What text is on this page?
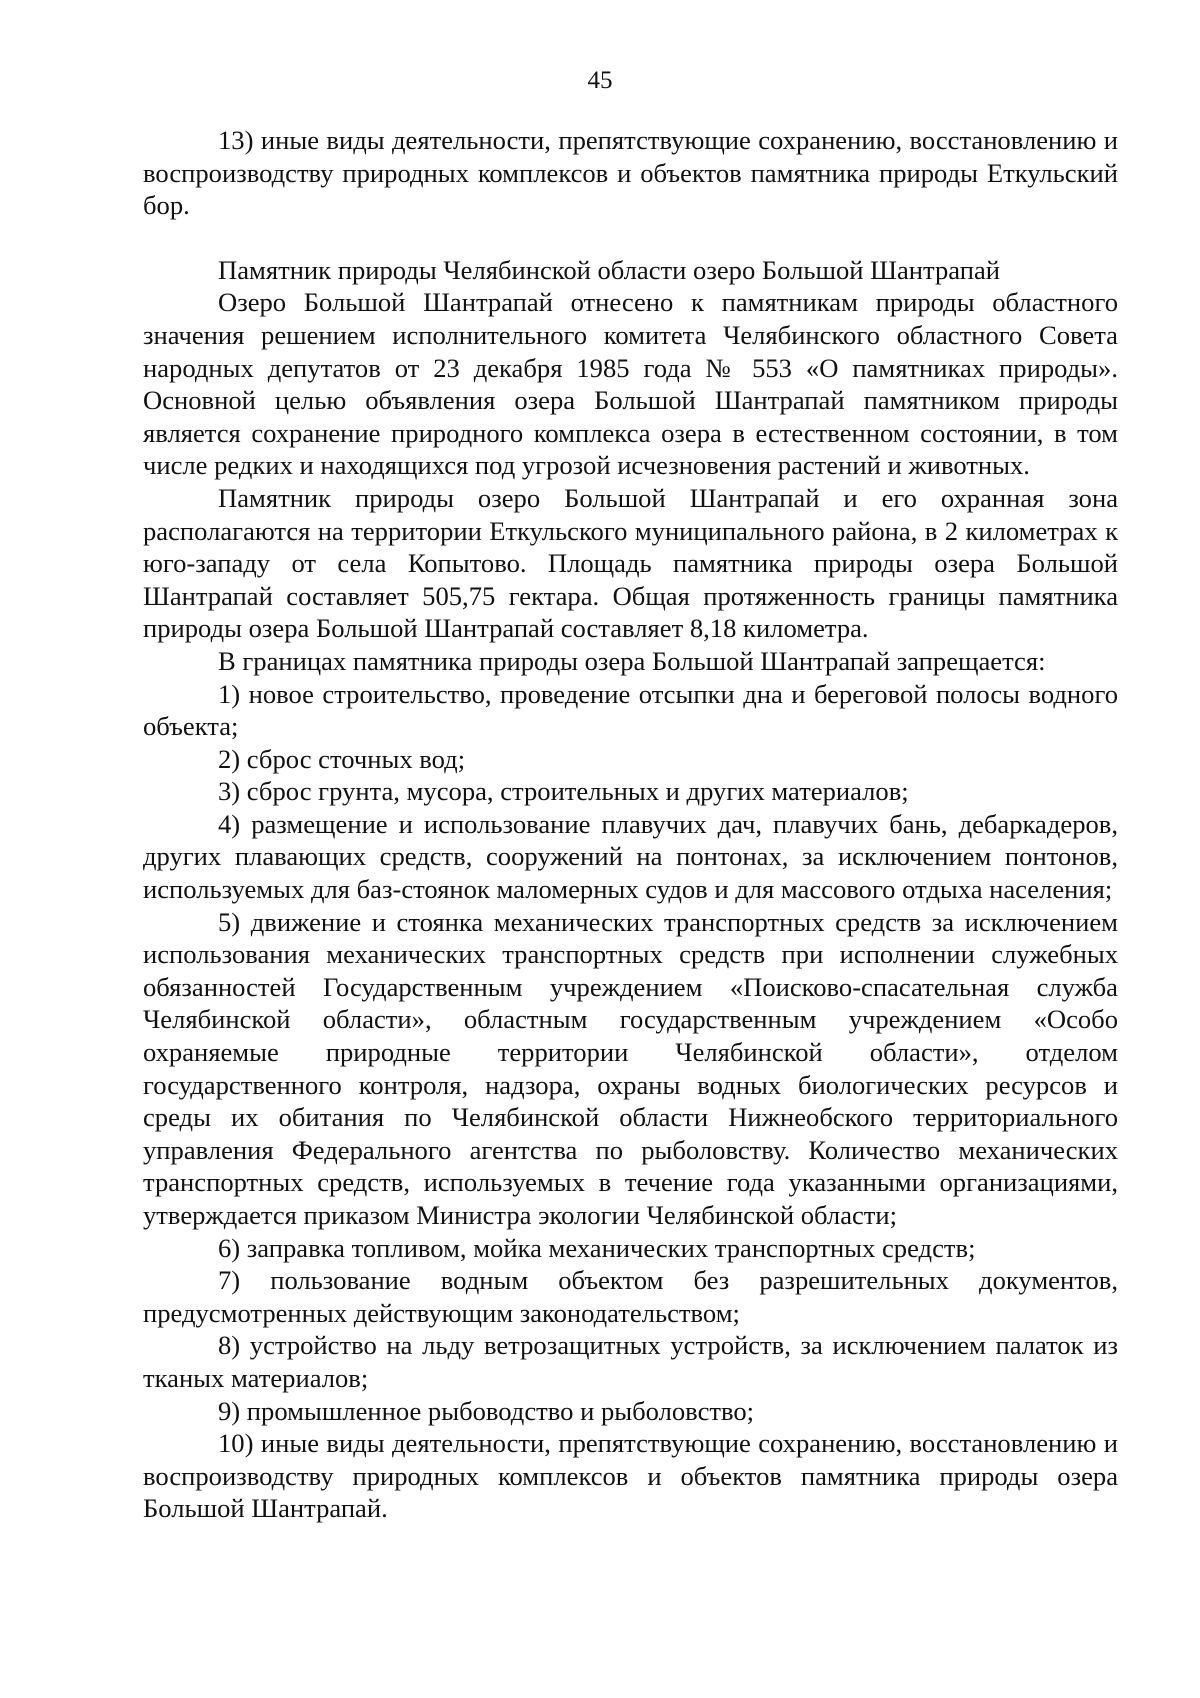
45

13) иные виды деятельности, препятствующие сохранению, восстановлению и воспроизводству природных комплексов и объектов памятника природы Еткульский бор.

Памятник природы Челябинской области озеро Большой Шантрапай

Озеро Большой Шантрапай отнесено к памятникам природы областного значения решением исполнительного комитета Челябинского областного Совета народных депутатов от 23 декабря 1985 года № 553 «О памятниках природы». Основной целью объявления озера Большой Шантрапай памятником природы является сохранение природного комплекса озера в естественном состоянии, в том числе редких и находящихся под угрозой исчезновения растений и животных.

Памятник природы озеро Большой Шантрапай и его охранная зона располагаются на территории Еткульского муниципального района, в 2 километрах к юго-западу от села Копытово. Площадь памятника природы озера Большой Шантрапай составляет 505,75 гектара. Общая протяженность границы памятника природы озера Большой Шантрапай составляет 8,18 километра.

В границах памятника природы озера Большой Шантрапай запрещается:

1) новое строительство, проведение отсыпки дна и береговой полосы водного объекта;

2) сброс сточных вод;

3) сброс грунта, мусора, строительных и других материалов;

4) размещение и использование плавучих дач, плавучих бань, дебаркадеров, других плавающих средств, сооружений на понтонах, за исключением понтонов, используемых для баз-стоянок маломерных судов и для массового отдыха населения;

5) движение и стоянка механических транспортных средств за исключением использования механических транспортных средств при исполнении служебных обязанностей Государственным учреждением «Поисково-спасательная служба Челябинской области», областным государственным учреждением «Особо охраняемые природные территории Челябинской области», отделом государственного контроля, надзора, охраны водных биологических ресурсов и среды их обитания по Челябинской области Нижнеобского территориального управления Федерального агентства по рыболовству. Количество механических транспортных средств, используемых в течение года указанными организациями, утверждается приказом Министра экологии Челябинской области;

6) заправка топливом, мойка механических транспортных средств;

7) пользование водным объектом без разрешительных документов, предусмотренных действующим законодательством;

8) устройство на льду ветрозащитных устройств, за исключением палаток из тканых материалов;

9) промышленное рыбоводство и рыболовство;

10) иные виды деятельности, препятствующие сохранению, восстановлению и воспроизводству природных комплексов и объектов памятника природы озера Большой Шантрапай.
